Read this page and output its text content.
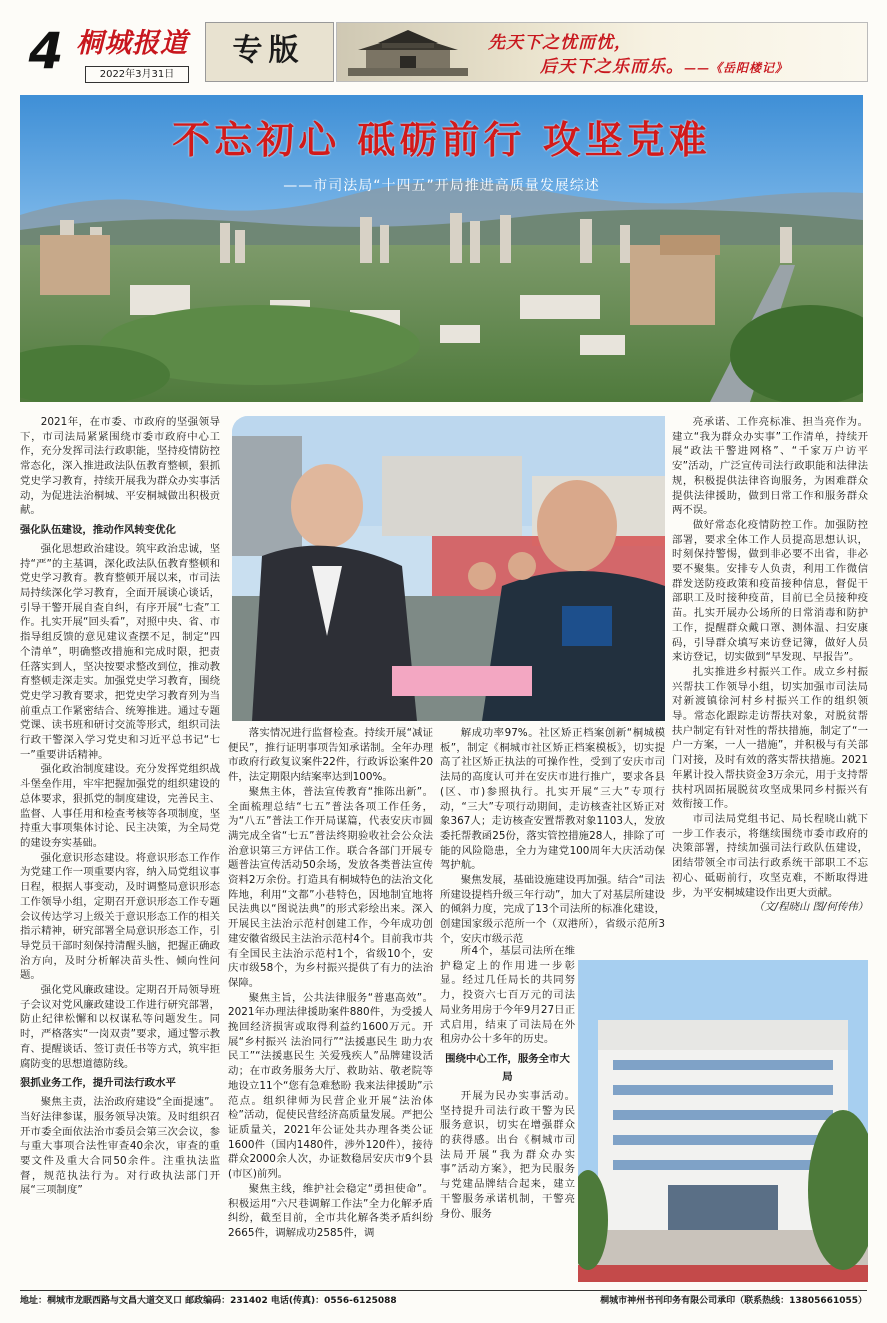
4 桐城报道
2022年3月31日
专版	先天下之忧而忧，
后天下之乐而乐。——《岳阳楼记》
不忘初心 砥砺前行 攻坚克难
——市司法局“十四五”开局推进高质量发展综述

2021年，在市委、市政府的坚强领导下，市司法局紧紧围绕市委市政府中心工作，充分发挥司法行政职能，坚持疫情防控常态化，深入推进政法队伍教育整顿，狠抓党史学习教育，持续开展我为群众办实事活动，为促进法治桐城、平安桐城做出积极贡献。

强化队伍建设，推动作风转变优化

强化思想政治建设。筑牢政治忠诚，坚持“严”的主基调，深化政法队伍教育整顿和党史学习教育。教育整顿开展以来，市司法局持续深化学习教育，全面开展谈心谈话，引导干警开展自查自纠，有序开展“七查”工作。扎实开展“回头看”，对照中央、省、市指导组反馈的意见建议查摆不足，制定“四个清单”，明确整改措施和完成时限，把责任落实到人，坚决按要求整改到位，推动教育整顿走深走实。加强党史学习教育，围绕党史学习教育要求，把党史学习教育列为当前重点工作紧密结合、统筹推进。通过专题党课、读书班和研讨交流等形式，组织司法行政干警深入学习党史和习近平总书记“七一”重要讲话精神。

强化政治制度建设。充分发挥党组织战斗堡垒作用，牢牢把握加强党的组织建设的总体要求，狠抓党的制度建设，完善民主、监督、人事任用和检查考核等各项制度，坚持重大事项集体讨论、民主决策，为全局党的建设夯实基础。

强化意识形态建设。将意识形态工作作为党建工作一项重要内容，纳入局党组议事日程，根据人事变动，及时调整局意识形态工作领导小组，定期召开意识形态工作专题会议传达学习上级关于意识形态工作的相关指示精神，研究部署全局意识形态工作，引导党员干部时刻保持清醒头脑，把握正确政治方向，及时分析解决苗头性、倾向性问题。

强化党风廉政建设。定期召开局领导班子会议对党风廉政建设工作进行研究部署，防止纪律松懈和以权谋私等问题发生。同时，严格落实“一岗双责”要求，通过警示教育、提醒谈话、签订责任书等方式，筑牢拒腐防变的思想道德防线。

狠抓业务工作，提升司法行政水平

聚焦主责，法治政府建设“全面提速”。当好法律参谋，服务领导决策。及时组织召开市委全面依法治市委员会第三次会议，参与重大事项合法性审查40余次，审查的重要文件及重大合同50余件。注重执法监督，规范执法行为。对行政执法部门开展“三项制度”

落实情况进行监督检查。持续开展“减证便民”，推行证明事项告知承诺制。全年办理市政府行政复议案件22件，行政诉讼案件20件，法定期限内结案率达到100%。

聚焦主体，普法宣传教育“推陈出新”。全面梳理总结“七五”普法各项工作任务，为“八五”普法工作开局谋篇，代表安庆市圆满完成全省“七五”普法终期验收社会公众法治意识第三方评估工作。联合各部门开展专题普法宣传活动50余场，发放各类普法宣传资料2万余份。打造具有桐城特色的法治文化阵地，利用“文都”小巷特色，因地制宜地将民法典以“图说法典”的形式彩绘出来。深入开展民主法治示范村创建工作，今年成功创建安徽省级民主法治示范村4个。目前我市共有全国民主法治示范村1个，省级10个，安庆市级58个，为乡村振兴提供了有力的法治保障。

聚焦主旨，公共法律服务“普惠高效”。2021年办理法律援助案件880件，为受援人挽回经济损害或取得利益约1600万元。开展“乡村振兴 法治同行”“法援惠民生 助力农民工”“法援惠民生 关爱残疾人”品牌建设活动；在市政务服务大厅、救助站、敬老院等地设立11个“您有急难愁盼 我来法律援助”示范点。组织律师为民营企业开展“法治体检”活动，促使民营经济高质量发展。严把公证质量关，2021年公证处共办理各类公证1600件（国内1480件，涉外120件），接待群众2000余人次，办证数稳居安庆市9个县(市区)前列。

聚焦主线，维护社会稳定“勇担使命”。积极运用“六尺巷调解工作法”全力化解矛盾纠纷，截至目前，全市共化解各类矛盾纠纷2665件，调解成功2585件，调

解成功率97%。社区矫正档案创新“桐城模板”，制定《桐城市社区矫正档案模板》，切实提高了社区矫正执法的可操作性，受到了安庆市司法局的高度认可并在安庆市进行推广，要求各县(区、市)参照执行。扎实开展“三大”专项行动，“三大”专项行动期间，走访核查社区矫正对象367人；走访核查安置帮教对象1103人，发放委托帮教函25份，落实管控措施28人，排除了可能的风险隐患，全力为建党100周年大庆活动保驾护航。

聚焦发展，基础设施建设再加强。结合“司法所建设提档升级三年行动”，加大了对基层所建设的倾斜力度，完成了13个司法所的标准化建设，创建国家级示范所一个（双港所），省级示范所3个，安庆市级示范

所4个，基层司法所在维护稳定上的作用进一步彰显。经过几任局长的共同努力，投资六七百万元的司法局业务用房于今年9月27日正式启用，结束了司法局在外租房办公十多年的历史。

围绕中心工作，服务全市大局

开展为民办实事活动。坚持提升司法行政干警为民服务意识，切实在增强群众的获得感。出台《桐城市司法局开展“我为群众办实事”活动方案》，把为民服务与党建品牌结合起来，建立干警服务承诺机制，干警亮身份、服务

亮承诺、工作亮标准、担当亮作为。建立“我为群众办实事”工作清单，持续开展“政法干警进网格”、“千家万户访平安”活动，广泛宣传司法行政职能和法律法规，积极提供法律咨询服务，为困难群众提供法律援助，做到日常工作和服务群众两不误。

做好常态化疫情防控工作。加强防控部署，要求全体工作人员提高思想认识，时刻保持警惕，做到非必要不出省，非必要不聚集。安排专人负责，利用工作微信群发送防疫政策和疫苗接种信息，督促干部职工及时接种疫苗，目前已全员接种疫苗。扎实开展办公场所的日常消毒和防护工作，提醒群众戴口罩、测体温、扫安康码，引导群众填写来访登记簿，做好人员来访登记，切实做到“早发现、早报告”。

扎实推进乡村振兴工作。成立乡村振兴帮扶工作领导小组，切实加强市司法局对新渡镇徐河村乡村振兴工作的组织领导。常态化跟踪走访帮扶对象，对脱贫帮扶户制定有针对性的帮扶措施，制定了“一户一方案，一人一措施”，并积极与有关部门对接，及时有效的落实帮扶措施。2021年累计投入帮扶资金3万余元，用于支持帮扶村巩固拓展脱贫攻坚成果同乡村振兴有效衔接工作。

市司法局党组书记、局长程晓山就下一步工作表示，将继续围绕市委市政府的决策部署，持续加强司法行政队伍建设，团结带领全市司法行政系统干部职工不忘初心、砥砺前行，攻坚克难，不断取得进步，为平安桐城建设作出更大贡献。

（文/程晓山 图/何传伟）

地址：桐城市龙眠西路与文昌大道交叉口 邮政编码：231402 电话(传真)：0556-6125088	桐城市神州书刊印务有限公司承印（联系热线：13805661055）
